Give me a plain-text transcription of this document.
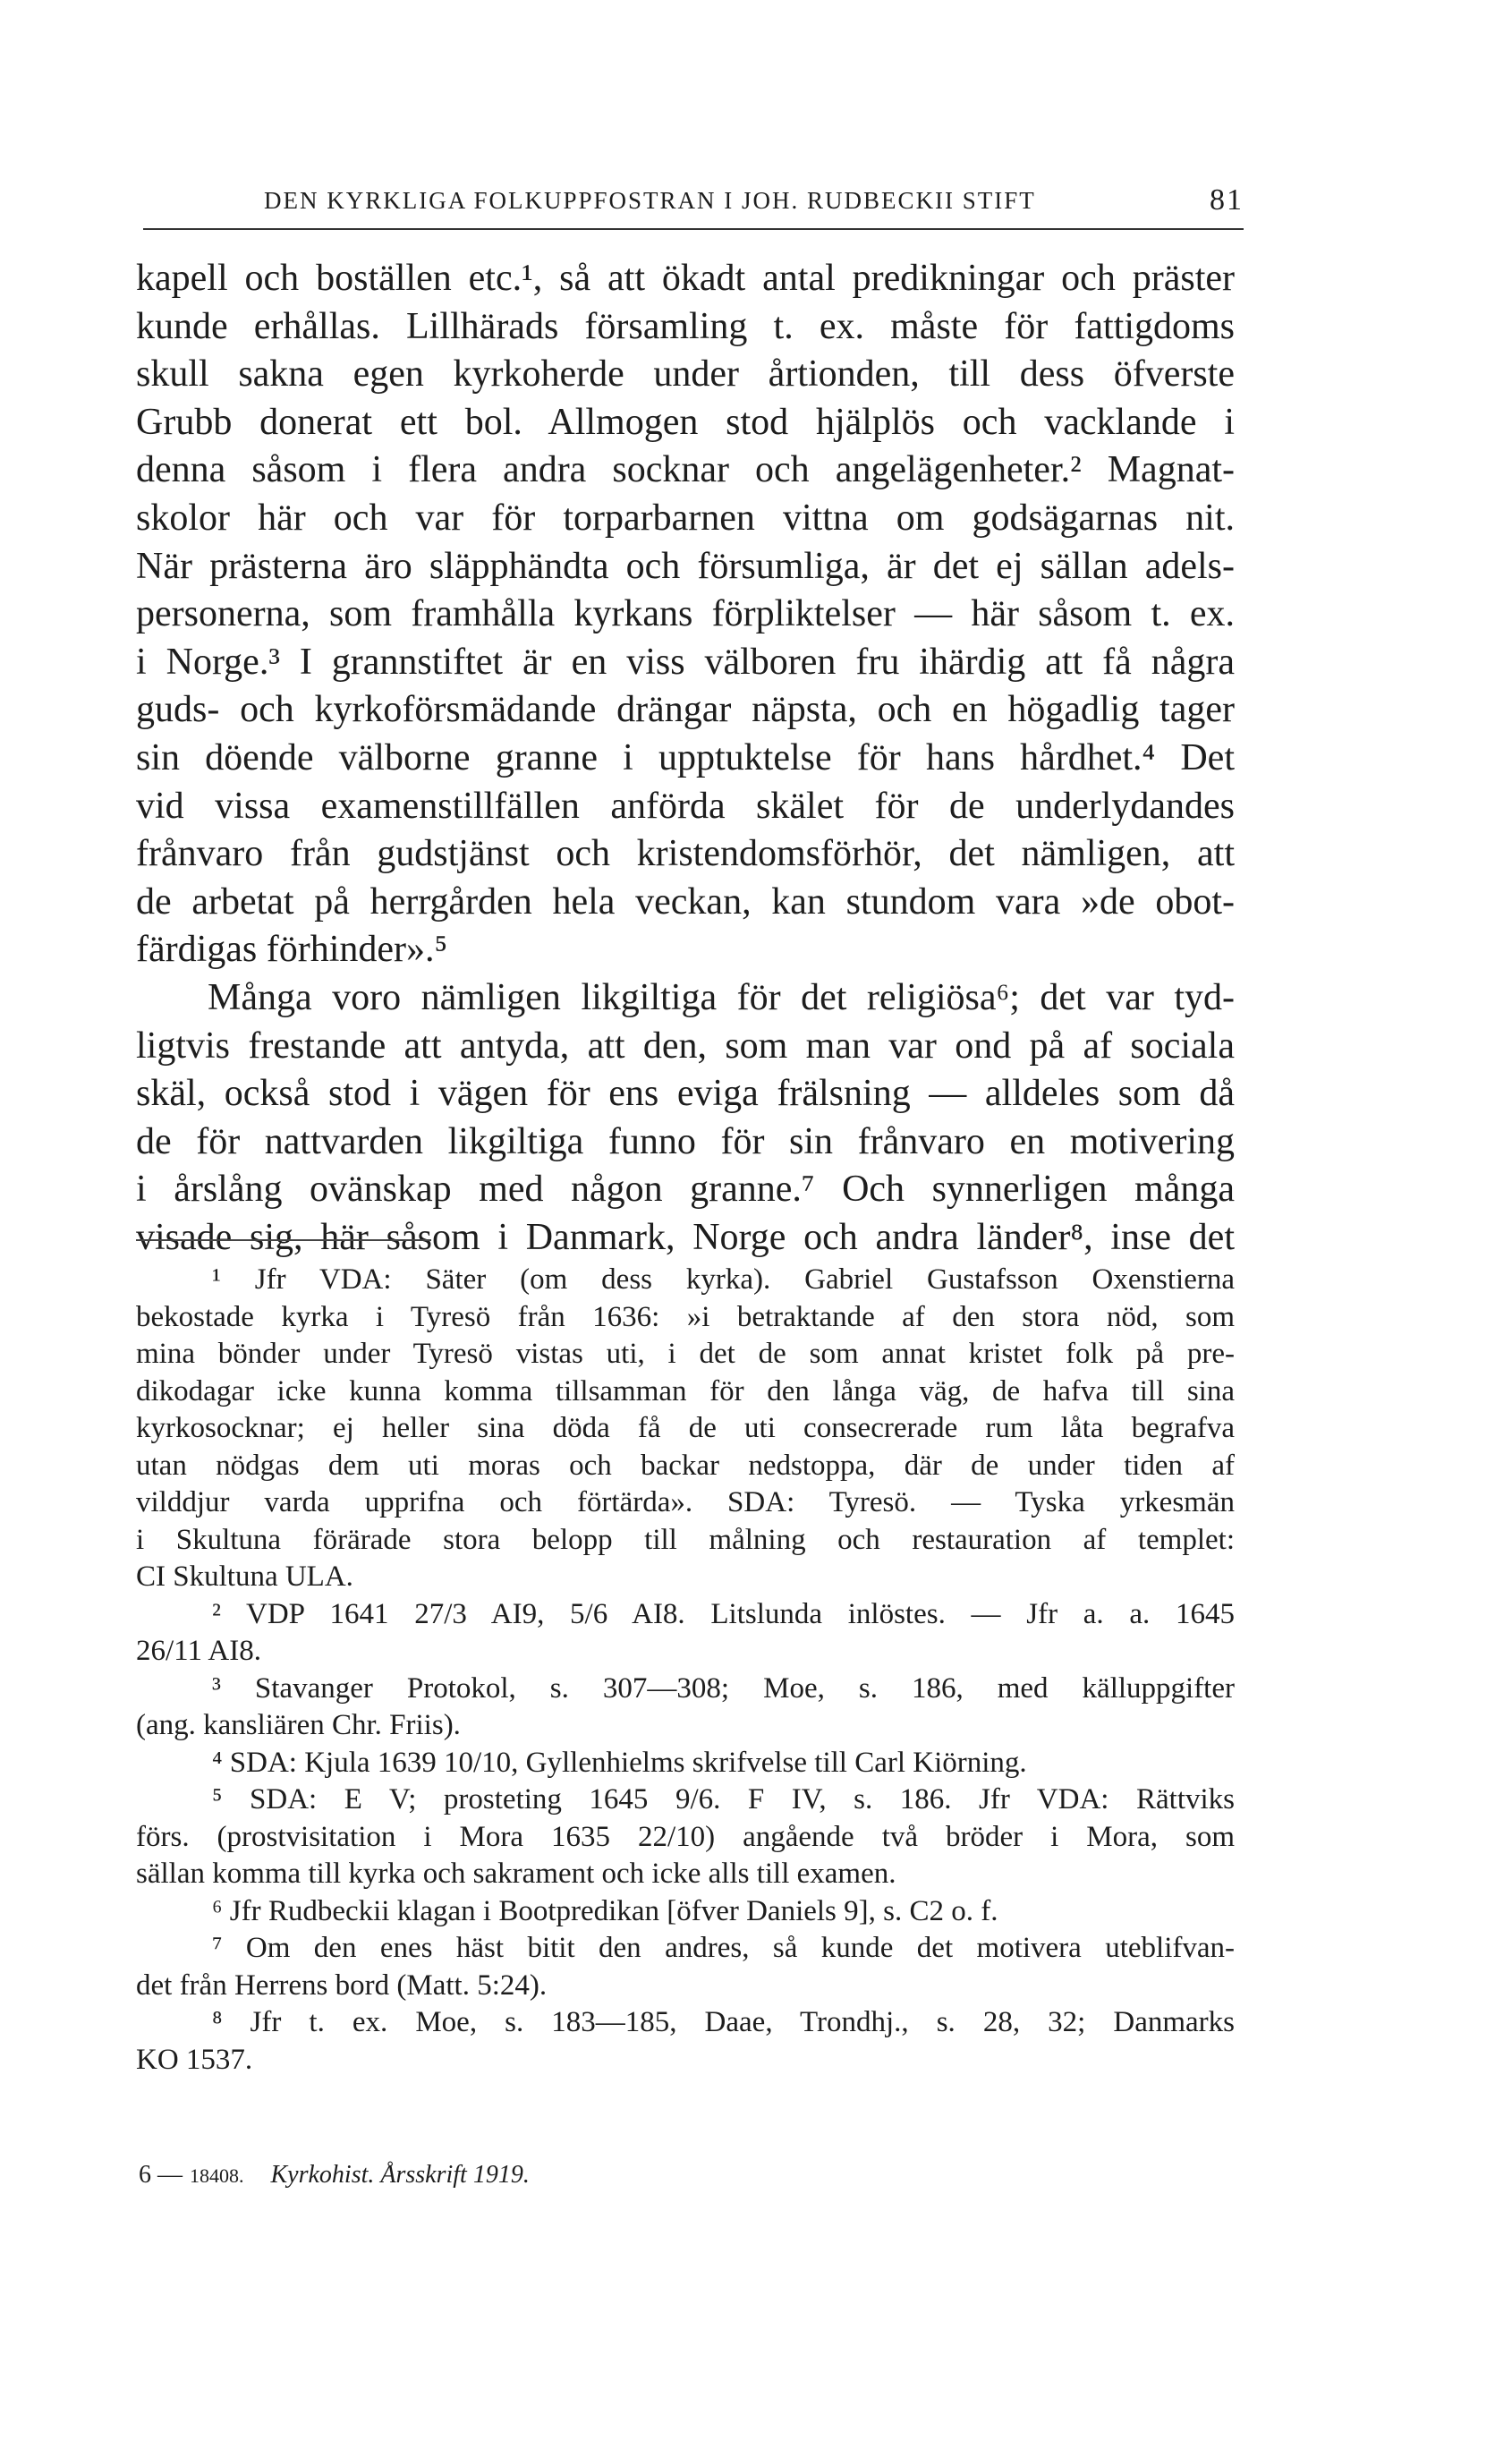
DEN KYRKLIGA FOLKUPPFOSTRAN I JOH. RUDBECKII STIFT	81
kapell och boställen etc.¹, så att ökadt antal predikningar och präster
kunde erhållas. Lillhärads församling t. ex. måste för fattigdoms
skull sakna egen kyrkoherde under årtionden, till dess öfverste
Grubb donerat ett bol. Allmogen stod hjälplös och vacklande i
denna såsom i flera andra socknar och angelägenheter.² Magnat-
skolor här och var för torparbarnen vittna om godsägarnas nit.
När prästerna äro släpphändta och försumliga, är det ej sällan adels-
personerna, som framhålla kyrkans förpliktelser — här såsom t. ex.
i Norge.³ I grannstiftet är en viss välboren fru ihärdig att få några
guds- och kyrkoförsmädande drängar näpsta, och en högadlig tager
sin döende välborne granne i upptuktelse för hans hårdhet.⁴ Det
vid vissa examenstillfällen anförda skälet för de underlydandes
frånvaro från gudstjänst och kristendomsförhör, det nämligen, att
de arbetat på herrgården hela veckan, kan stundom vara »de obot-
färdigas förhinder».⁵
Många voro nämligen likgiltiga för det religiösa⁶; det var tyd-
ligtvis frestande att antyda, att den, som man var ond på af sociala
skäl, också stod i vägen för ens eviga frälsning — alldeles som då
de för nattvarden likgiltiga funno för sin frånvaro en motivering
i årslång ovänskap med någon granne.⁷ Och synnerligen många
visade sig, här såsom i Danmark, Norge och andra länder⁸, inse det
¹ Jfr VDA: Säter (om dess kyrka). Gabriel Gustafsson Oxenstierna
bekostade kyrka i Tyresö från 1636: »i betraktande af den stora nöd, som
mina bönder under Tyresö vistas uti, i det de som annat kristet folk på pre-
dikodagar icke kunna komma tillsamman för den långa väg, de hafva till sina
kyrkosocknar; ej heller sina döda få de uti consecrerade rum låta begrafva
utan nödgas dem uti moras och backar nedstoppa, där de under tiden af
vilddjur varda upprifna och förtärda». SDA: Tyresö. — Tyska yrkesmän
i Skultuna förärade stora belopp till målning och restauration af templet:
CI Skultuna ULA.
² VDP 1641 27/3 AI9, 5/6 AI8. Litslunda inlöstes. — Jfr a. a. 1645
26/11 AI8.
³ Stavanger Protokol, s. 307—308; Moe, s. 186, med källuppgifter
(ang. kansliären Chr. Friis).
⁴ SDA: Kjula 1639 10/10, Gyllenhielms skrifvelse till Carl Kiörning.
⁵ SDA: E V; prosteting 1645 9/6. F IV, s. 186. Jfr VDA: Rättviks
förs. (prostvisitation i Mora 1635 22/10) angående två bröder i Mora, som
sällan komma till kyrka och sakrament och icke alls till examen.
⁶ Jfr Rudbeckii klagan i Bootpredikan [öfver Daniels 9], s. C2 o. f.
⁷ Om den enes häst bitit den andres, så kunde det motivera uteblifvan-
det från Herrens bord (Matt. 5:24).
⁸ Jfr t. ex. Moe, s. 183—185, Daae, Trondhj., s. 28, 32; Danmarks
KO 1537.
6 — 18408. Kyrkohist. Årsskrift 1919.
